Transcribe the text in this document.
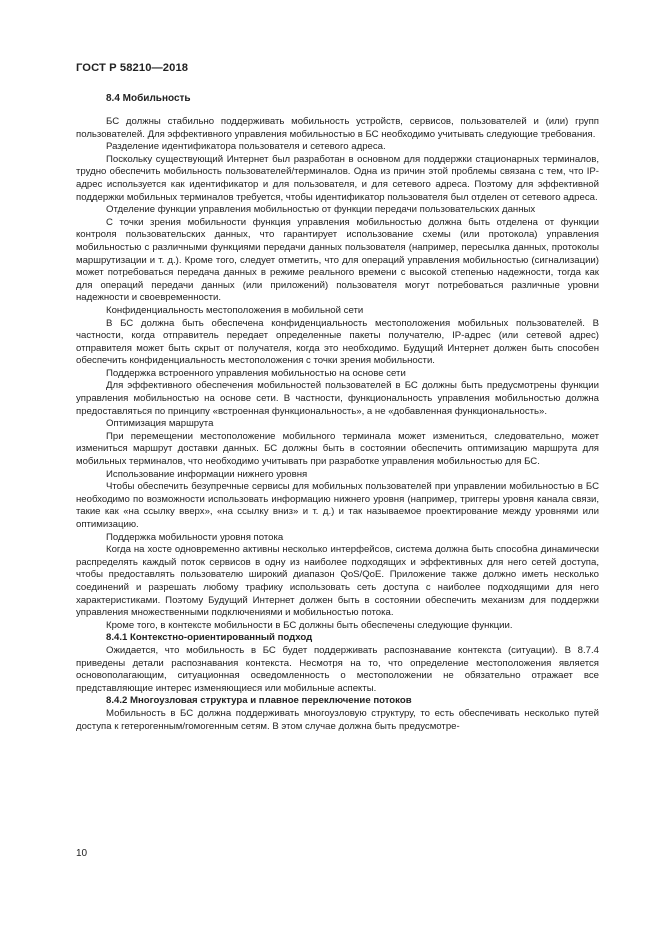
ГОСТ Р 58210—2018
8.4 Мобильность
БС должны стабильно поддерживать мобильность устройств, сервисов, пользователей и (или) групп пользователей. Для эффективного управления мобильностью в БС необходимо учитывать следующие требования.
Разделение идентификатора пользователя и сетевого адреса.
Поскольку существующий Интернет был разработан в основном для поддержки стационарных терминалов, трудно обеспечить мобильность пользователей/терминалов. Одна из причин этой проблемы связана с тем, что IP-адрес используется как идентификатор и для пользователя, и для сетевого адреса. Поэтому для эффективной поддержки мобильных терминалов требуется, чтобы идентификатор пользователя был отделен от сетевого адреса.
Отделение функции управления мобильностью от функции передачи пользовательских данных
С точки зрения мобильности функция управления мобильностью должна быть отделена от функции контроля пользовательских данных, что гарантирует использование схемы (или протокола) управления мобильностью с различными функциями передачи данных пользователя (например, пересылка данных, протоколы маршрутизации и т. д.). Кроме того, следует отметить, что для операций управления мобильностью (сигнализации) может потребоваться передача данных в режиме реального времени с высокой степенью надежности, тогда как для операций передачи данных (или приложений) пользователя могут потребоваться различные уровни надежности и своевременности.
Конфиденциальность местоположения в мобильной сети
В БС должна быть обеспечена конфиденциальность местоположения мобильных пользователей. В частности, когда отправитель передает определенные пакеты получателю, IP-адрес (или сетевой адрес) отправителя может быть скрыт от получателя, когда это необходимо. Будущий Интернет должен быть способен обеспечить конфиденциальность местоположения с точки зрения мобильности.
Поддержка встроенного управления мобильностью на основе сети
Для эффективного обеспечения мобильностей пользователей в БС должны быть предусмотрены функции управления мобильностью на основе сети. В частности, функциональность управления мобильностью должна предоставляться по принципу «встроенная функциональность», а не «добавленная функциональность».
Оптимизация маршрута
При перемещении местоположение мобильного терминала может измениться, следовательно, может измениться маршрут доставки данных. БС должны быть в состоянии обеспечить оптимизацию маршрута для мобильных терминалов, что необходимо учитывать при разработке управления мобильностью для БС.
Использование информации нижнего уровня
Чтобы обеспечить безупречные сервисы для мобильных пользователей при управлении мобильностью в БС необходимо по возможности использовать информацию нижнего уровня (например, триггеры уровня канала связи, такие как «на ссылку вверх», «на ссылку вниз» и т. д.) и так называемое проектирование между уровнями или оптимизацию.
Поддержка мобильности уровня потока
Когда на хосте одновременно активны несколько интерфейсов, система должна быть способна динамически распределять каждый поток сервисов в одну из наиболее подходящих и эффективных для него сетей доступа, чтобы предоставлять пользователю широкий диапазон QoS/QoE. Приложение также должно иметь несколько соединений и разрешать любому трафику использовать сеть доступа с наиболее подходящими для него характеристиками. Поэтому Будущий Интернет должен быть в состоянии обеспечить механизм для поддержки управления множественными подключениями и мобильностью потока.
Кроме того, в контексте мобильности в БС должны быть обеспечены следующие функции.
8.4.1 Контекстно-ориентированный подход
Ожидается, что мобильность в БС будет поддерживать распознавание контекста (ситуации). В 8.7.4 приведены детали распознавания контекста. Несмотря на то, что определение местоположения является основополагающим, ситуационная осведомленность о местоположении не обязательно отражает все представляющие интерес изменяющиеся или мобильные аспекты.
8.4.2 Многоузловая структура и плавное переключение потоков
Мобильность в БС должна поддерживать многоузловую структуру, то есть обеспечивать несколько путей доступа к гетерогенным/гомогенным сетям. В этом случае должна быть предусмотре-
10
